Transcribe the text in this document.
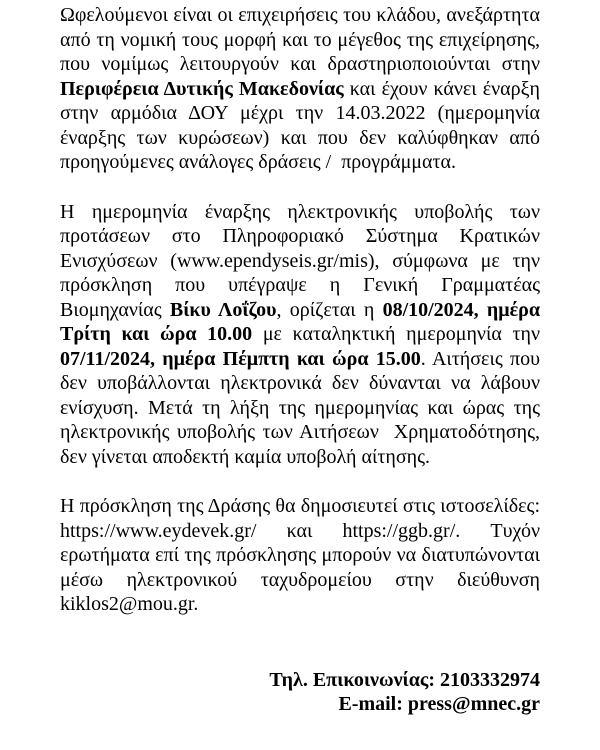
Ωφελούμενοι είναι οι επιχειρήσεις του κλάδου, ανεξάρτητα από τη νομική τους μορφή και το μέγεθος της επιχείρησης, που νομίμως λειτουργούν και δραστηριοποιούνται στην Περιφέρεια Δυτικής Μακεδονίας και έχουν κάνει έναρξη στην αρμόδια ΔΟΥ μέχρι την 14.03.2022 (ημερομηνία έναρξης των κυρώσεων) και που δεν καλύφθηκαν από προηγούμενες ανάλογες δράσεις /  προγράμματα.

Η ημερομηνία έναρξης ηλεκτρονικής υποβολής των προτάσεων στο Πληροφοριακό Σύστημα Κρατικών Ενισχύσεων (www.ependyseis.gr/mis), σύμφωνα με την πρόσκληση που υπέγραψε η Γενική Γραμματέας Βιομηχανίας Βίκυ Λοΐζου, ορίζεται η 08/10/2024, ημέρα Τρίτη και ώρα 10.00 με καταληκτική ημερομηνία την 07/11/2024, ημέρα Πέμπτη και ώρα 15.00. Αιτήσεις που δεν υποβάλλονται ηλεκτρονικά δεν δύνανται να λάβουν ενίσχυση. Μετά τη λήξη της ημερομηνίας και ώρας της ηλεκτρονικής υποβολής των Αιτήσεων  Χρηματοδότησης, δεν γίνεται αποδεκτή καμία υποβολή αίτησης.

Η πρόσκληση της Δράσης θα δημοσιευτεί στις ιστοσελίδες: https://www.eydevek.gr/ και https://ggb.gr/. Τυχόν ερωτήματα επί της πρόσκλησης μπορούν να διατυπώνονται μέσω ηλεκτρονικού ταχυδρομείου στην διεύθυνση kiklos2@mou.gr.

Τηλ. Επικοινωνίας: 2103332974
E-mail: press@mnec.gr
